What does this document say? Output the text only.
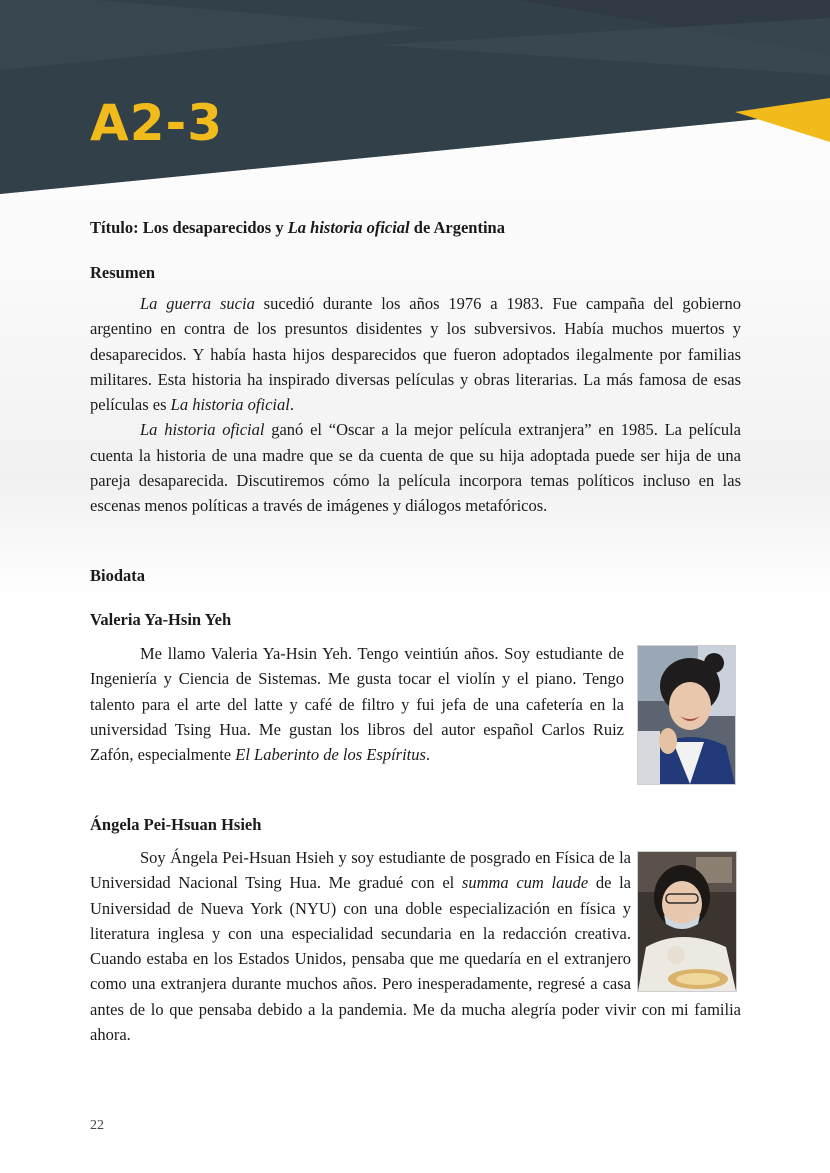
A2-3
Título: Los desaparecidos y La historia oficial de Argentina
Resumen

La guerra sucia sucedió durante los años 1976 a 1983. Fue campaña del gobierno argentino en contra de los presuntos disidentes y los subversivos. Había muchos muertos y desaparecidos. Y había hasta hijos desparecidos que fueron adoptados ilegalmente por familias militares. Esta historia ha inspirado diversas películas y obras literarias. La más famosa de esas películas es La historia oficial.

La historia oficial ganó el “Oscar a la mejor película extranjera” en 1985. La película cuenta la historia de una madre que se da cuenta de que su hija adoptada puede ser hija de una pareja desaparecida. Discutiremos cómo la película incorpora temas políticos incluso en las escenas menos políticas a través de imágenes y diálogos metafóricos.

Biodata
Valeria Ya-Hsin Yeh

Me llamo Valeria Ya-Hsin Yeh. Tengo veintiún años. Soy estudiante de Ingeniería y Ciencia de Sistemas. Me gusta tocar el violín y el piano. Tengo talento para el arte del latte y café de filtro y fui jefa de una cafetería en la universidad Tsing Hua. Me gustan los libros del autor español Carlos Ruiz Zafón, especialmente El Laberinto de los Espíritus.

Ángela Pei-Hsuan Hsieh

Soy Ángela Pei-Hsuan Hsieh y soy estudiante de posgrado en Física de la Universidad Nacional Tsing Hua. Me gradué con el summa cum laude de la Universidad de Nueva York (NYU) con una doble especialización en física y literatura inglesa y con una especialidad secundaria en la redacción creativa. Cuando estaba en los Estados Unidos, pensaba que me quedaría en el extranjero como una extranjera durante muchos años. Pero inesperadamente, regresé a casa antes de lo que pensaba debido a la pandemia. Me da mucha alegría poder vivir con mi familia ahora.

22
